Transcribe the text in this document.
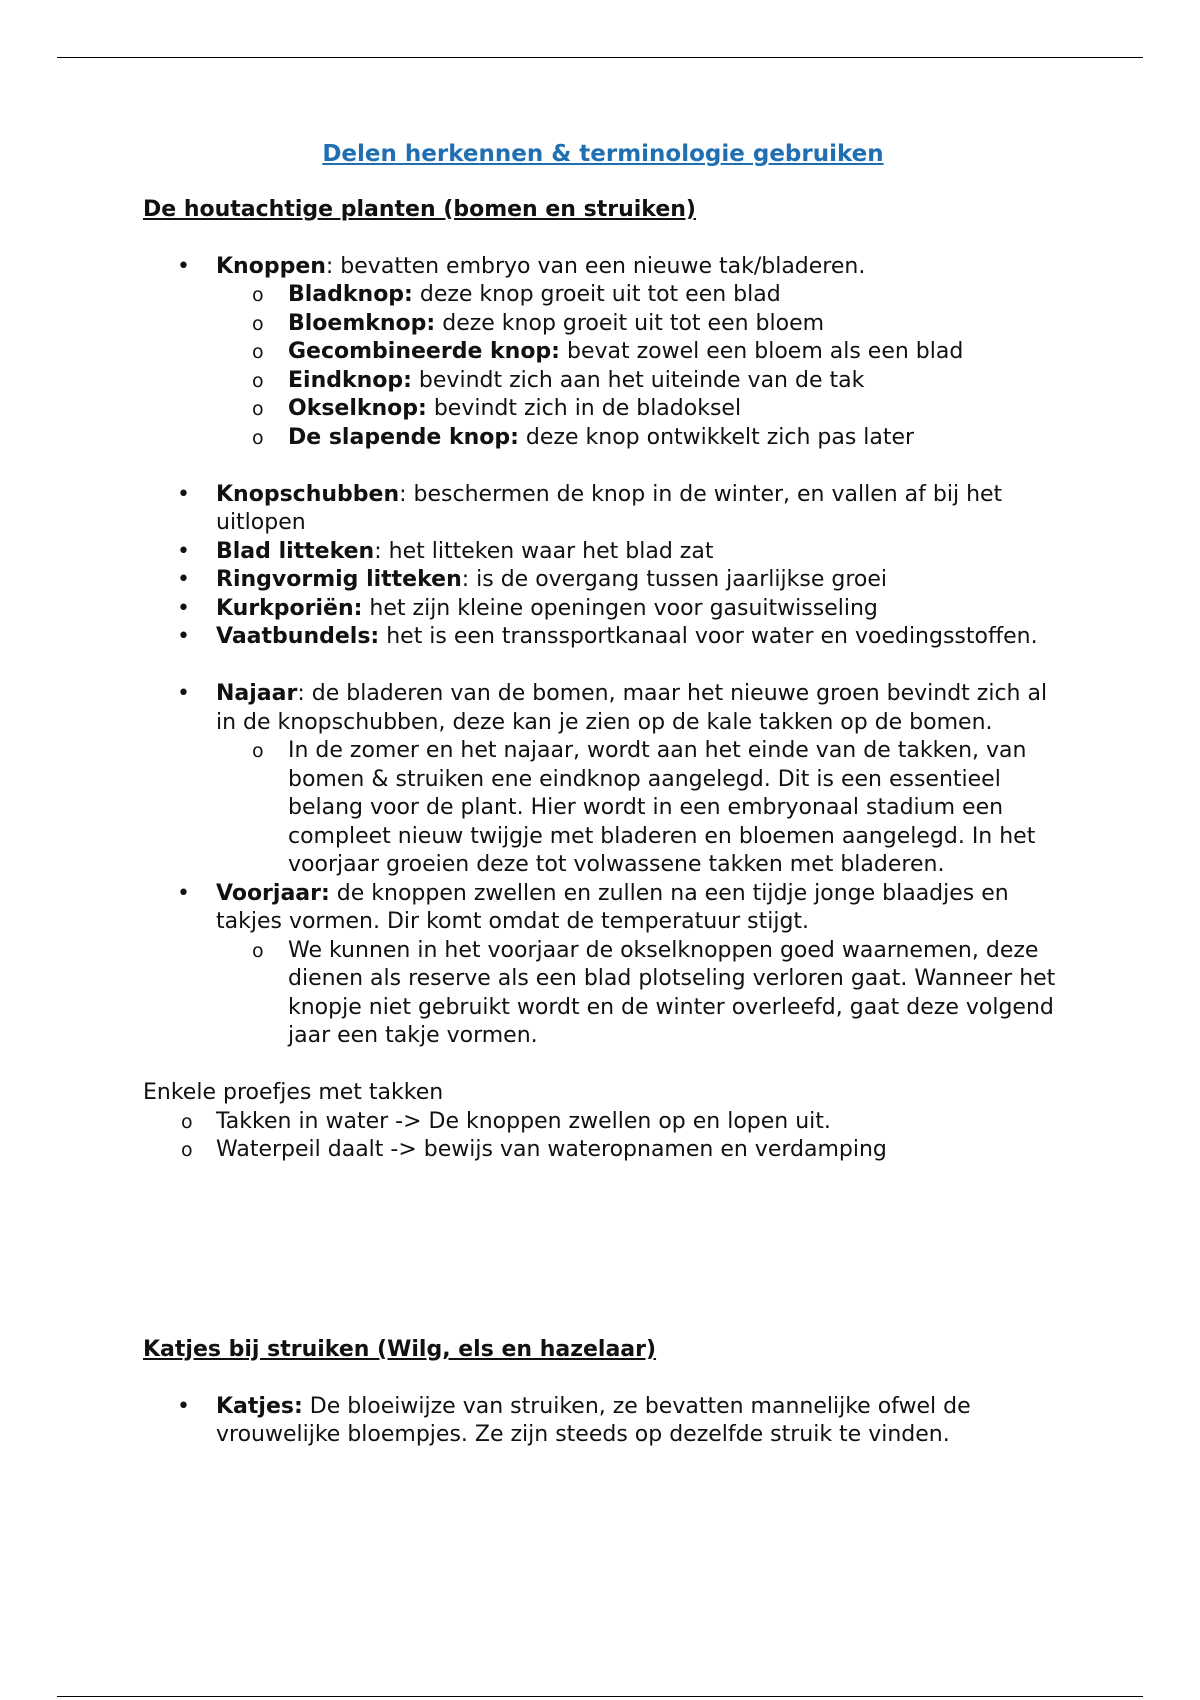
Delen herkennen & terminologie gebruiken

De houtachtige planten (bomen en struiken)

• Knoppen: bevatten embryo van een nieuwe tak/bladeren.
o Bladknop: deze knop groeit uit tot een blad
o Bloemknop: deze knop groeit uit tot een bloem
o Gecombineerde knop: bevat zowel een bloem als een blad
o Eindknop: bevindt zich aan het uiteinde van de tak
o Okselknop: bevindt zich in de bladoksel
o De slapende knop: deze knop ontwikkelt zich pas later
• Knopschubben: beschermen de knop in de winter, en vallen af bij het uitlopen
• Blad litteken: het litteken waar het blad zat
• Ringvormig litteken: is de overgang tussen jaarlijkse groei
• Kurkporiën: het zijn kleine openingen voor gasuitwisseling
• Vaatbundels: het is een transsportkanaal voor water en voedingsstoffen.
• Najaar: de bladeren van de bomen, maar het nieuwe groen bevindt zich al in de knopschubben, deze kan je zien op de kale takken op de bomen.
o In de zomer en het najaar, wordt aan het einde van de takken, van bomen & struiken ene eindknop aangelegd. Dit is een essentieel belang voor de plant. Hier wordt in een embryonaal stadium een compleet nieuw twijgje met bladeren en bloemen aangelegd. In het voorjaar groeien deze tot volwassene takken met bladeren.
• Voorjaar: de knoppen zwellen en zullen na een tijdje jonge blaadjes en takjes vormen. Dir komt omdat de temperatuur stijgt.
o We kunnen in het voorjaar de okselknoppen goed waarnemen, deze dienen als reserve als een blad plotseling verloren gaat. Wanneer het knopje niet gebruikt wordt en de winter overleefd, gaat deze volgend jaar een takje vormen.

Enkele proefjes met takken

o Takken in water -> De knoppen zwellen op en lopen uit.
o Waterpeil daalt -> bewijs van wateropnamen en verdamping

Katjes bij struiken (Wilg, els en hazelaar)

• Katjes: De bloeiwijze van struiken, ze bevatten mannelijke ofwel de vrouwelijke bloempjes. Ze zijn steeds op dezelfde struik te vinden.
